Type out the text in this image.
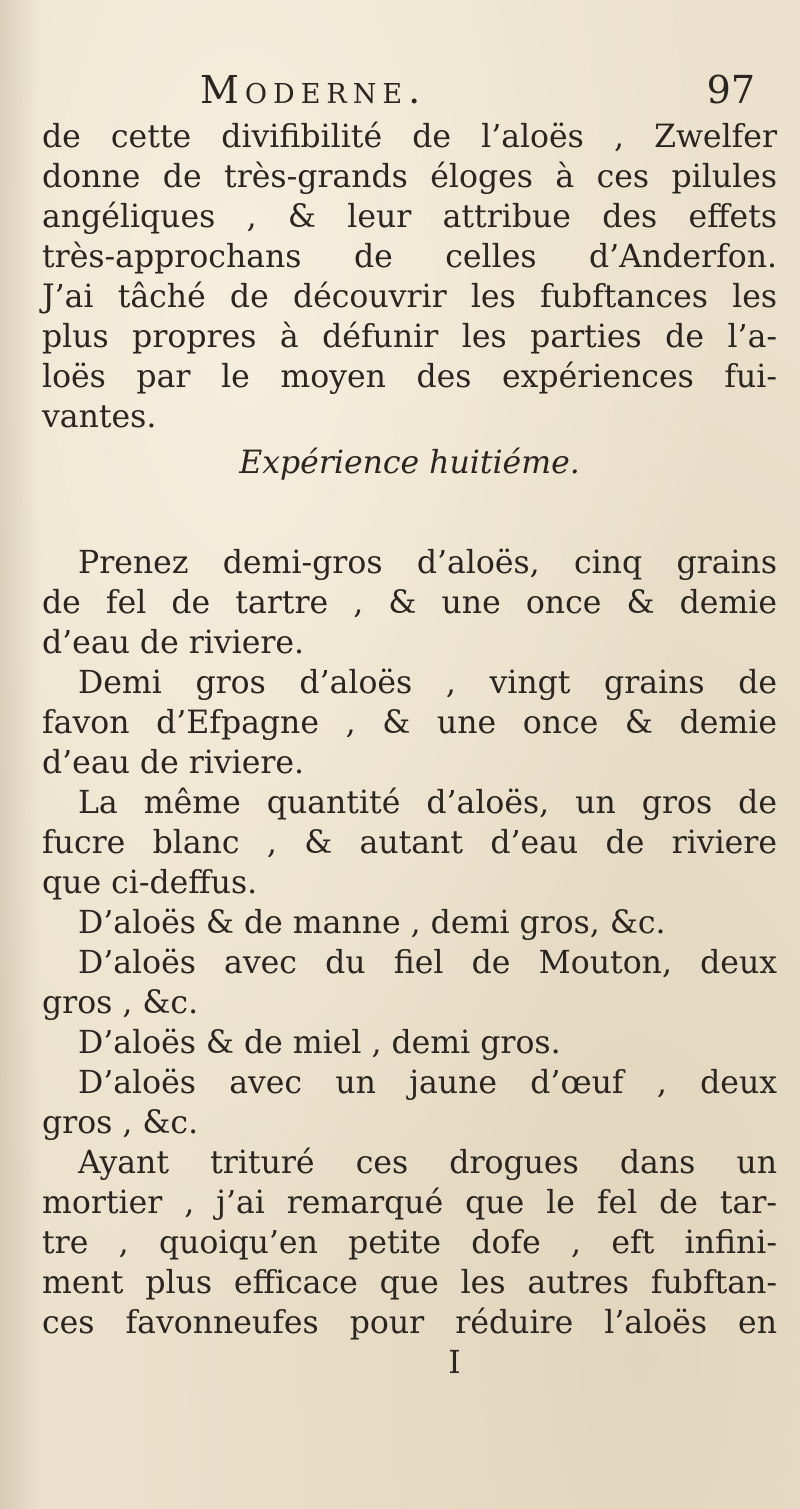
Moderne.	97
de cette divifibilité de l’aloës , Zwelfer
donne de très-grands éloges à ces pilules
angéliques , & leur attribue des effets
très-approchans de celles d’Anderfon.
J’ai tâché de découvrir les fubftances les
plus propres à défunir les parties de l’a-
loës par le moyen des expériences fui-
vantes.
Expérience huitiéme.
Prenez demi-gros d’aloës, cinq grains
de fel de tartre , & une once & demie
d’eau de riviere.
Demi gros d’aloës , vingt grains de
favon d’Efpagne , & une once & demie
d’eau de riviere.
La même quantité d’aloës, un gros de
fucre blanc , & autant d’eau de riviere
que ci-deffus.
D’aloës & de manne , demi gros, &c.
D’aloës avec du fiel de Mouton, deux
gros , &c.
D’aloës & de miel , demi gros.
D’aloës avec un jaune d’œuf , deux
gros , &c.
Ayant trituré ces drogues dans un
mortier , j’ai remarqué que le fel de tar-
tre , quoiqu’en petite dofe , eft infini-
ment plus efficace que les autres fubftan-
ces favonneufes pour réduire l’aloës en
I
